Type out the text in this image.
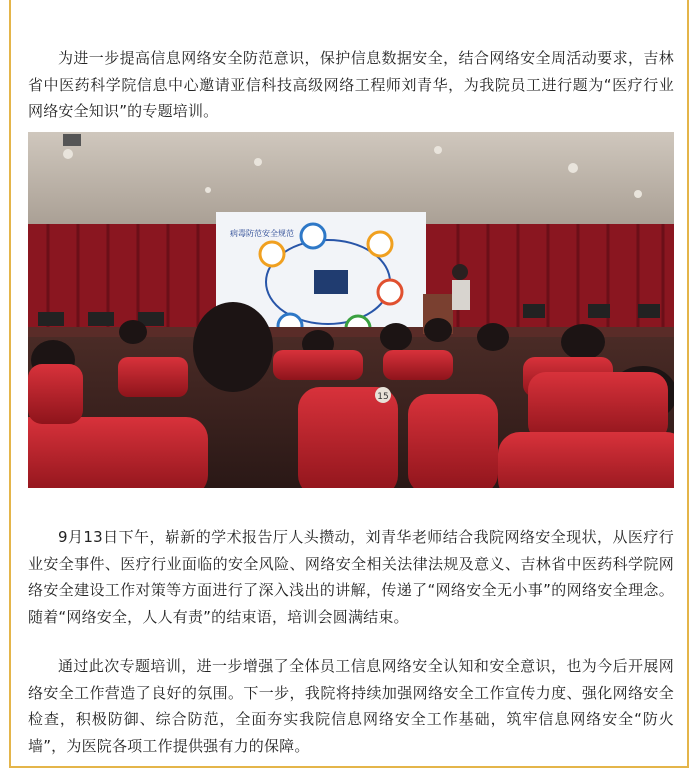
为进一步提高信息网络安全防范意识，保护信息数据安全，结合网络安全周活动要求，吉林省中医药科学院信息中心邀请亚信科技高级网络工程师刘青华，为我院员工进行题为“医疗行业网络安全知识”的专题培训。

病毒防范安全规范
15

9月13日下午，崭新的学术报告厅人头攒动，刘青华老师结合我院网络安全现状，从医疗行业安全事件、医疗行业面临的安全风险、网络安全相关法律法规及意义、吉林省中医药科学院网络安全建设工作对策等方面进行了深入浅出的讲解，传递了“网络安全无小事”的网络安全理念。随着“网络安全，人人有责”的结束语，培训会圆满结束。

通过此次专题培训，进一步增强了全体员工信息网络安全认知和安全意识，也为今后开展网络安全工作营造了良好的氛围。下一步，我院将持续加强网络安全工作宣传力度、强化网络安全检查，积极防御、综合防范，全面夯实我院信息网络安全工作基础，筑牢信息网络安全“防火墙”，为医院各项工作提供强有力的保障。
